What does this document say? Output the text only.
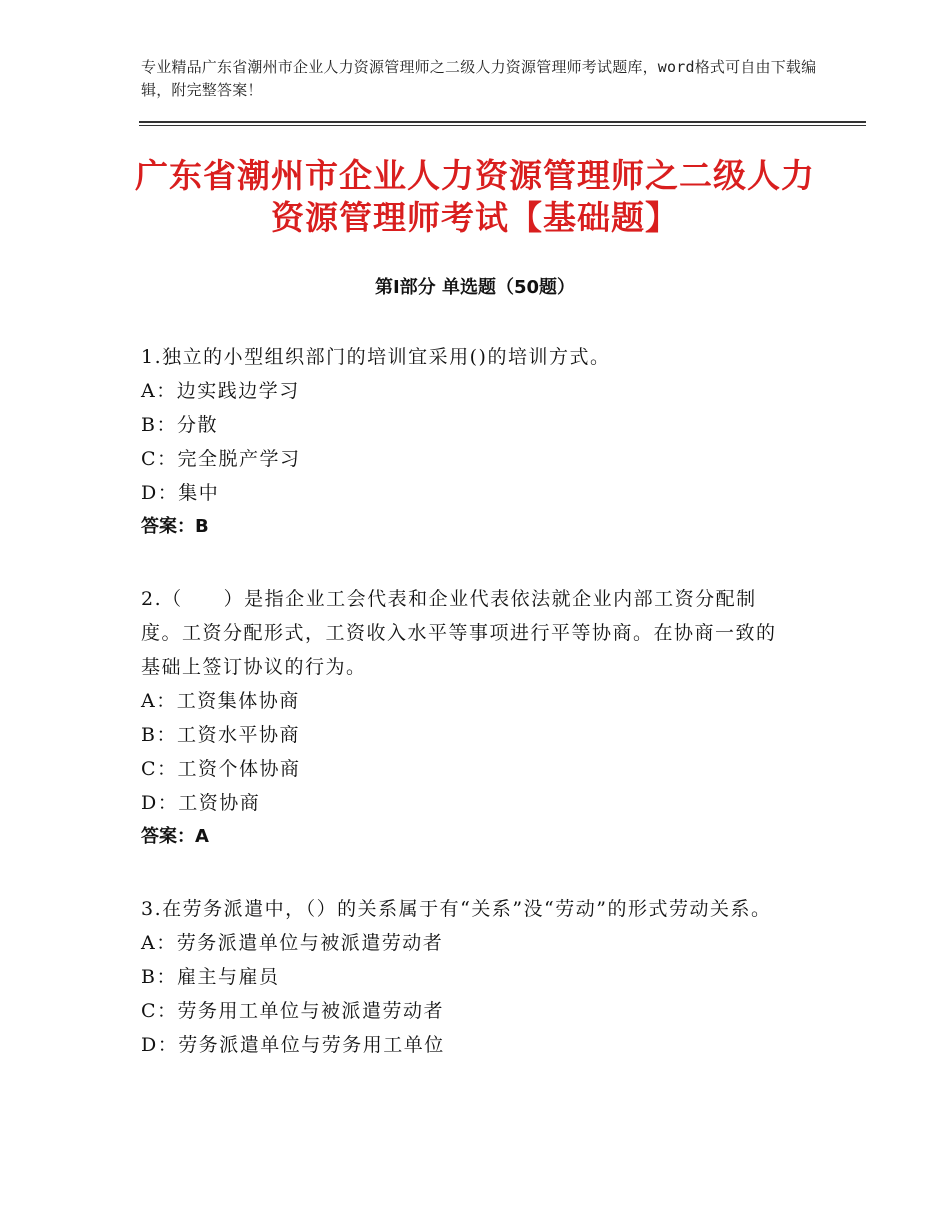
专业精品广东省潮州市企业人力资源管理师之二级人力资源管理师考试题库，word格式可自由下载编辑，附完整答案！
广东省潮州市企业人力资源管理师之二级人力资源管理师考试【基础题】
第Ⅰ部分 单选题（50题）
1.独立的小型组织部门的培训宜采用()的培训方式。
A：边实践边学习
B：分散
C：完全脱产学习
D：集中
答案：B
2.（　　）是指企业工会代表和企业代表依法就企业内部工资分配制度。工资分配形式，工资收入水平等事项进行平等协商。在协商一致的基础上签订协议的行为。
A：工资集体协商
B：工资水平协商
C：工资个体协商
D：工资协商
答案：A
3.在劳务派遣中，（）的关系属于有“关系”没“劳动”的形式劳动关系。
A：劳务派遣单位与被派遣劳动者
B：雇主与雇员
C：劳务用工单位与被派遣劳动者
D：劳务派遣单位与劳务用工单位
